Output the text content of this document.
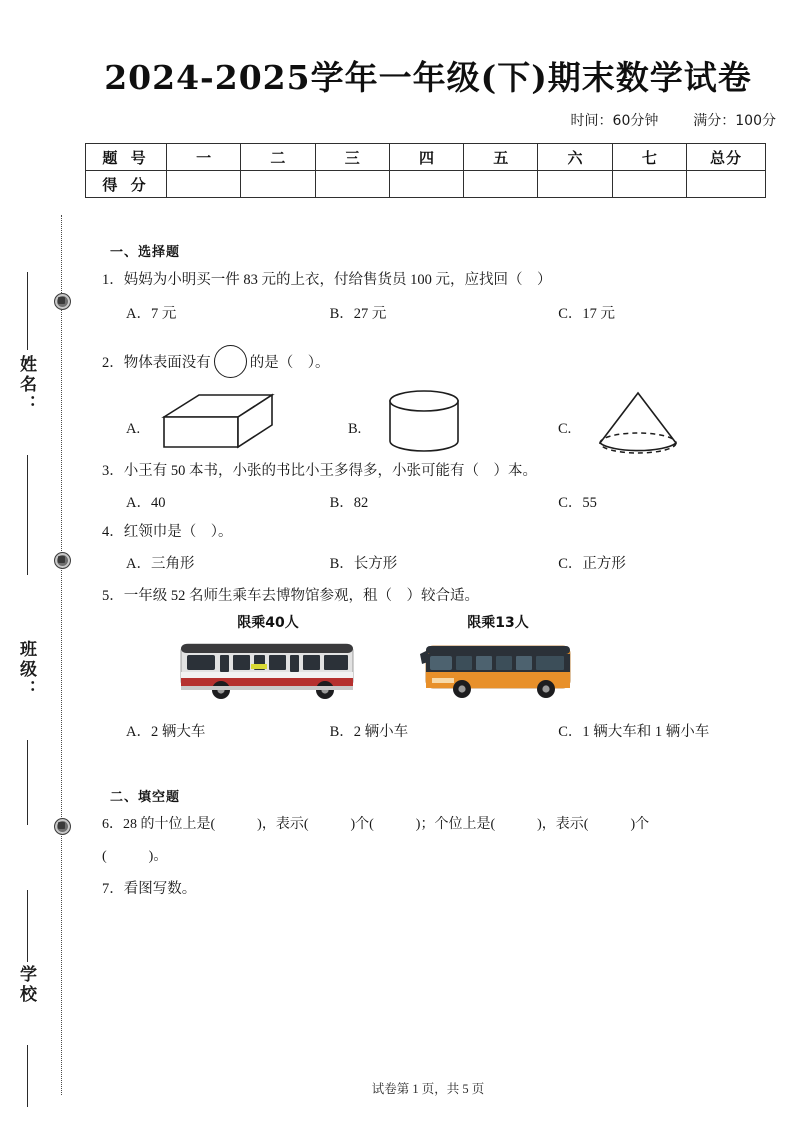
姓名：
班级：
学校
2024-2025学年一年级(下)期末数学试卷
时间：60分钟 满分：100分
题 号	一	二	三	四	五	六	七	总分
得 分								
一、选择题
1．妈妈为小明买一件 83 元的上衣，付给售货员 100 元，应找回（　）
A．7 元	B．27 元	C．17 元
2．物体表面没有	的是（　）。
A.	B.	C.
3．小王有 50 本书，小张的书比小王多得多，小张可能有（　）本。
A．40	B．82	C．55
4．红领巾是（　）。
A．三角形	B．长方形	C．正方形
5．一年级 52 名师生乘车去博物馆参观，租（　）较合适。
限乘40人	限乘13人
A．2 辆大车	B．2 辆小车	C．1 辆大车和 1 辆小车
二、填空题
6．28 的十位上是(　　　)，表示(　　　)个(　　　)；个位上是(　　　)，表示(　　　)个
(　　　)。
7．看图写数。
试卷第 1 页，共 5 页
